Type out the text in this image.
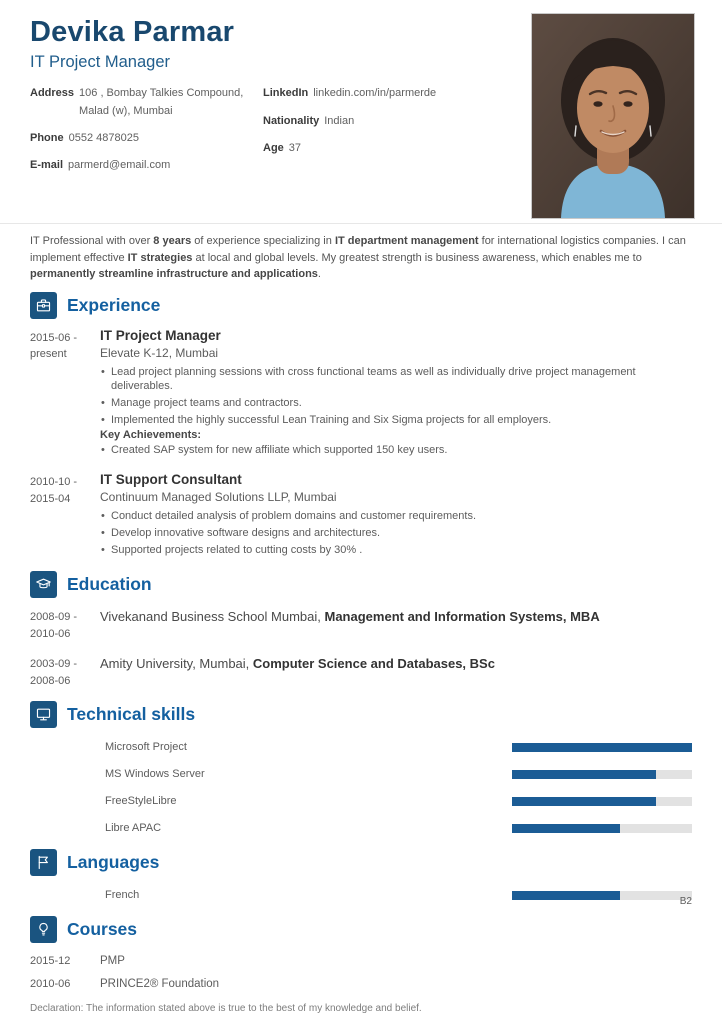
Devika Parmar
IT Project Manager
Address 106 , Bombay Talkies Compound,
Malad (w), Mumbai
Phone 0552 4878025
E-mail parmerd@email.com
LinkedIn linkedin.com/in/parmerde
Nationality Indian
Age 37

IT Professional with over 8 years of experience specializing in IT department management for international logistics companies. I can implement effective IT strategies at local and global levels. My greatest strength is business awareness, which enables me to permanently streamline infrastructure and applications.

Experience
2015-06 -
present
IT Project Manager
Elevate K-12, Mumbai
• Lead project planning sessions with cross functional teams as well as individually drive project management deliverables.
• Manage project teams and contractors.
• Implemented the highly successful Lean Training and Six Sigma projects for all employers.
Key Achievements:
• Created SAP system for new affiliate which supported 150 key users.
2010-10 -
2015-04
IT Support Consultant
Continuum Managed Solutions LLP, Mumbai
• Conduct detailed analysis of problem domains and customer requirements.
• Develop innovative software designs and architectures.
• Supported projects related to cutting costs by 30% .
Education
2008-09 -
2010-06
Vivekanand Business School Mumbai, Management and Information Systems, MBA
2003-09 -
2008-06
Amity University, Mumbai, Computer Science and Databases, BSc
Technical skills
Microsoft Project
MS Windows Server
FreeStyleLibre
Libre APAC
Languages
French
B2
Courses
2015-12	PMP
2010-06	PRINCE2® Foundation
Declaration: The information stated above is true to the best of my knowledge and belief.
